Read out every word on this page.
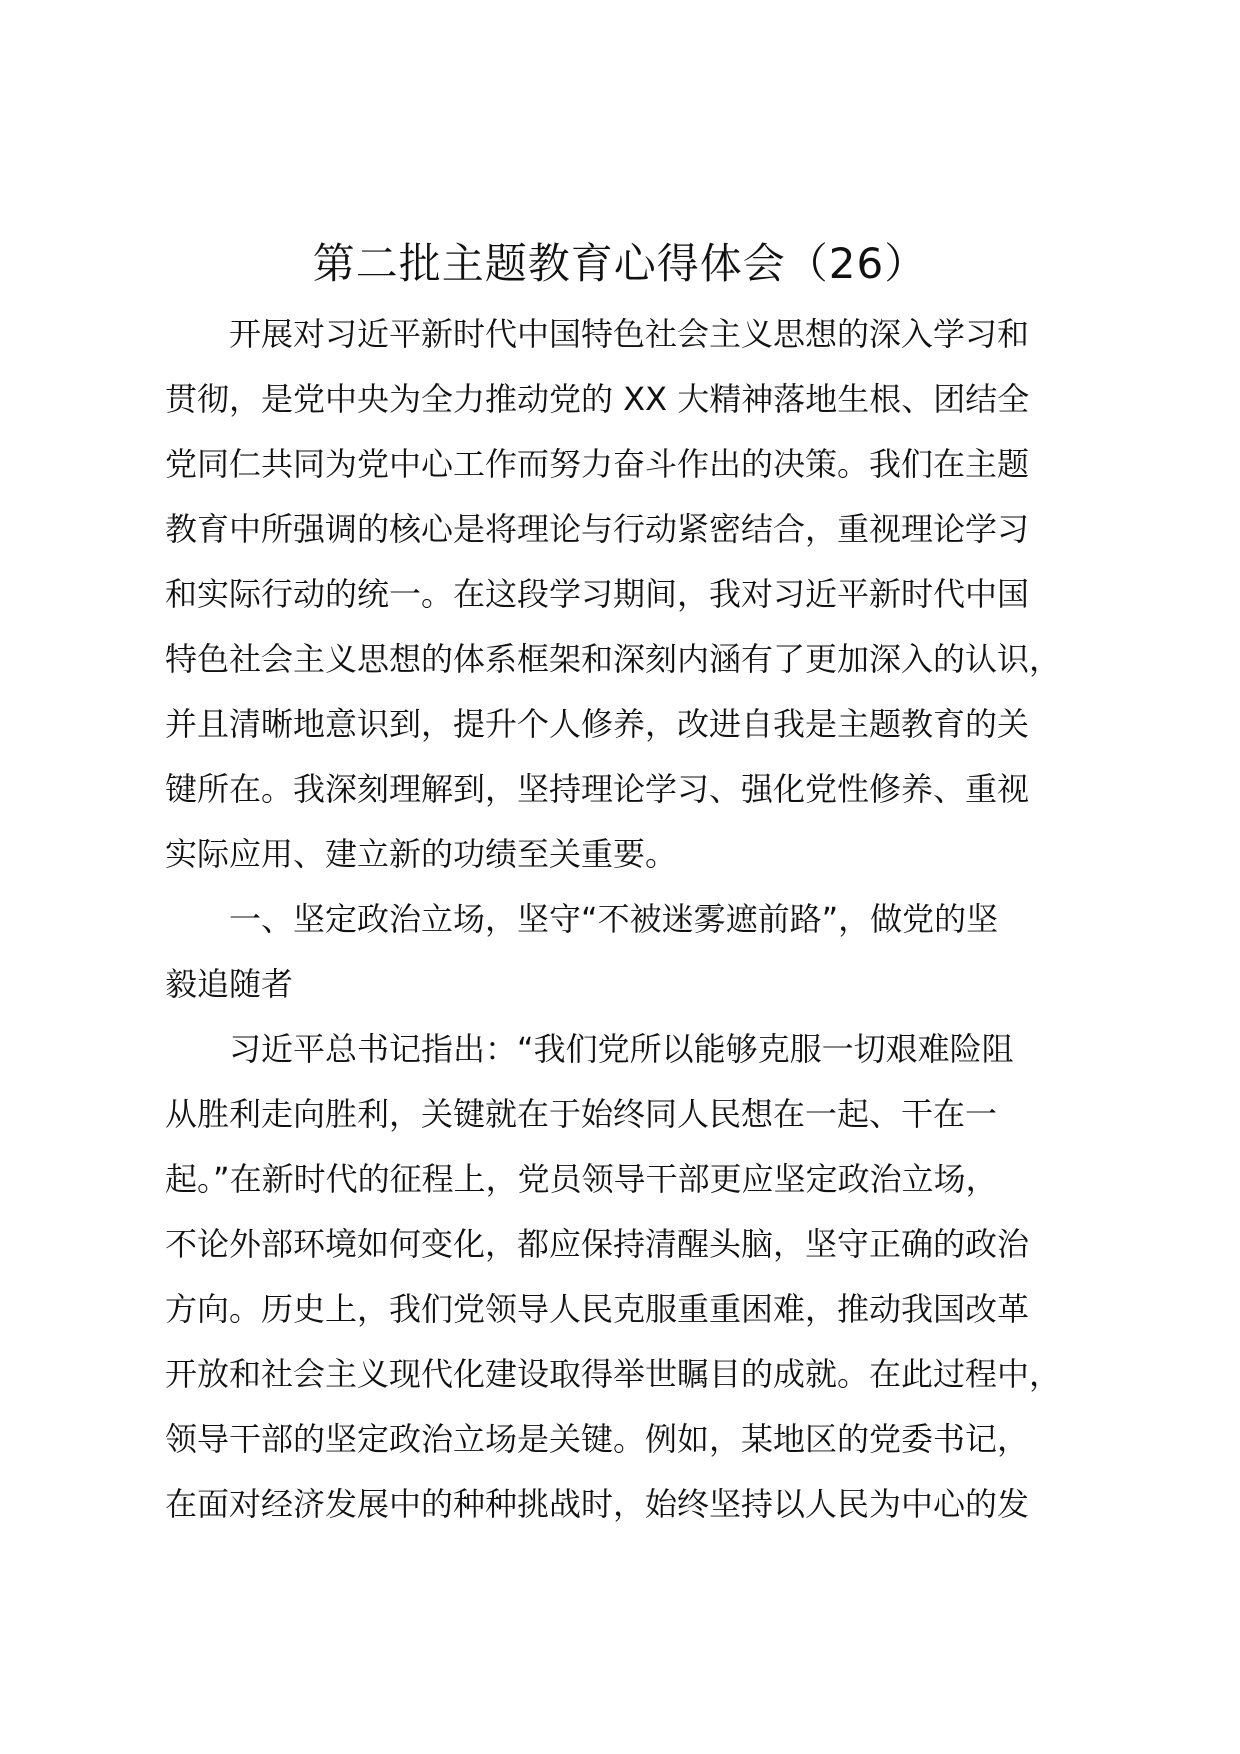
第二批主题教育心得体会（26）
开展对习近平新时代中国特色社会主义思想的深入学习和
贯彻，是党中央为全力推动党的 XX 大精神落地生根、团结全
党同仁共同为党中心工作而努力奋斗作出的决策。我们在主题
教育中所强调的核心是将理论与行动紧密结合，重视理论学习
和实际行动的统一。在这段学习期间，我对习近平新时代中国
特色社会主义思想的体系框架和深刻内涵有了更加深入的认识，
并且清晰地意识到，提升个人修养，改进自我是主题教育的关
键所在。我深刻理解到，坚持理论学习、强化党性修养、重视
实际应用、建立新的功绩至关重要。
一、坚定政治立场，坚守“不被迷雾遮前路”，做党的坚
毅追随者
习近平总书记指出：“我们党所以能够克服一切艰难险阻
从胜利走向胜利，关键就在于始终同人民想在一起、干在一
起。”在新时代的征程上，党员领导干部更应坚定政治立场，
不论外部环境如何变化，都应保持清醒头脑，坚守正确的政治
方向。历史上，我们党领导人民克服重重困难，推动我国改革
开放和社会主义现代化建设取得举世瞩目的成就。在此过程中，
领导干部的坚定政治立场是关键。例如，某地区的党委书记，
在面对经济发展中的种种挑战时，始终坚持以人民为中心的发
